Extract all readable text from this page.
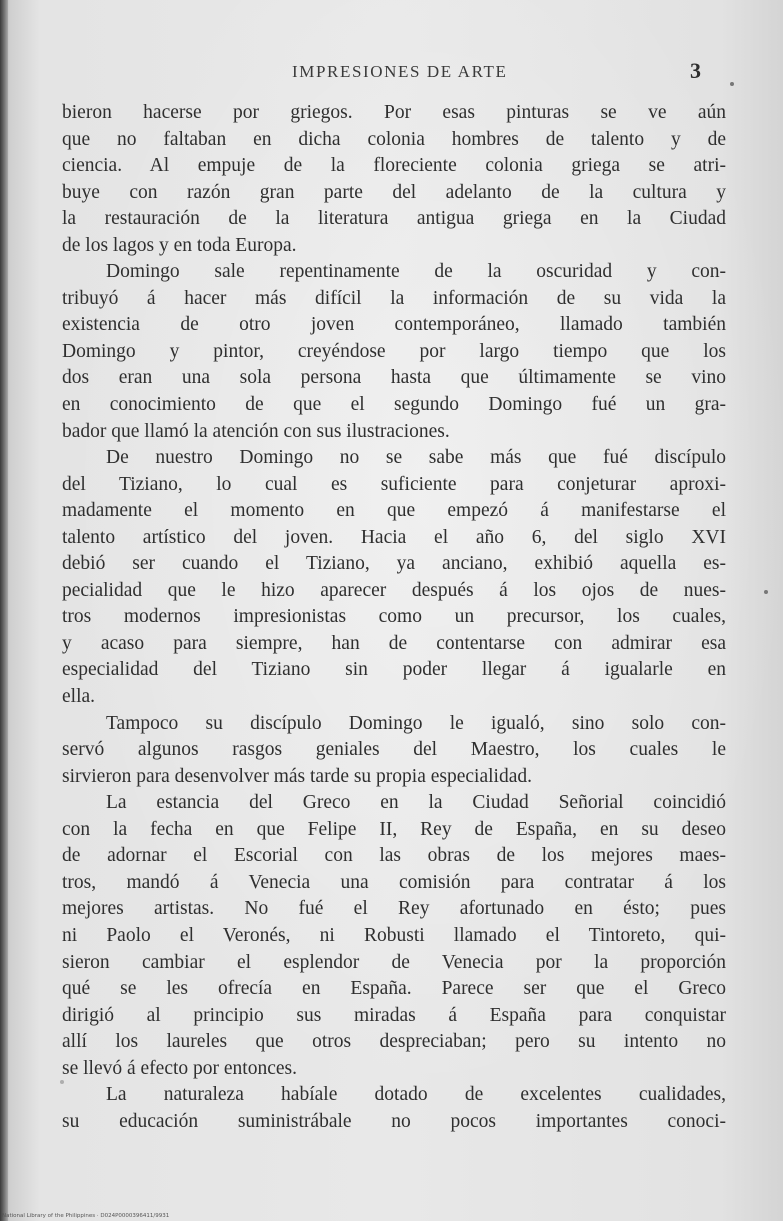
IMPRESIONES DE ARTE	3
bieron hacerse por griegos. Por esas pinturas se ve aún
que no faltaban en dicha colonia hombres de talento y de
ciencia. Al empuje de la floreciente colonia griega se atri-
buye con razón gran parte del adelanto de la cultura y
la restauración de la literatura antigua griega en la Ciudad
de los lagos y en toda Europa.
Domingo sale repentinamente de la oscuridad y con-
tribuyó á hacer más difícil la información de su vida la
existencia de otro joven contemporáneo, llamado también
Domingo y pintor, creyéndose por largo tiempo que los
dos eran una sola persona hasta que últimamente se vino
en conocimiento de que el segundo Domingo fué un gra-
bador que llamó la atención con sus ilustraciones.
De nuestro Domingo no se sabe más que fué discípulo
del Tiziano, lo cual es suficiente para conjeturar aproxi-
madamente el momento en que empezó á manifestarse el
talento artístico del joven. Hacia el año 6, del siglo XVI
debió ser cuando el Tiziano, ya anciano, exhibió aquella es-
pecialidad que le hizo aparecer después á los ojos de nues-
tros modernos impresionistas como un precursor, los cuales,
y acaso para siempre, han de contentarse con admirar esa
especialidad del Tiziano sin poder llegar á igualarle en
ella.
Tampoco su discípulo Domingo le igualó, sino solo con-
servó algunos rasgos geniales del Maestro, los cuales le
sirvieron para desenvolver más tarde su propia especialidad.
La estancia del Greco en la Ciudad Señorial coincidió
con la fecha en que Felipe II, Rey de España, en su deseo
de adornar el Escorial con las obras de los mejores maes-
tros, mandó á Venecia una comisión para contratar á los
mejores artistas. No fué el Rey afortunado en ésto; pues
ni Paolo el Veronés, ni Robusti llamado el Tintoreto, qui-
sieron cambiar el esplendor de Venecia por la proporción
qué se les ofrecía en España. Parece ser que el Greco
dirigió al principio sus miradas á España para conquistar
allí los laureles que otros despreciaban; pero su intento no
se llevó á efecto por entonces.
La naturaleza habíale dotado de excelentes cualidades,
su educación suministrábale no pocos importantes conoci-
National Library of the Philippines · D024P0000396411/9931
